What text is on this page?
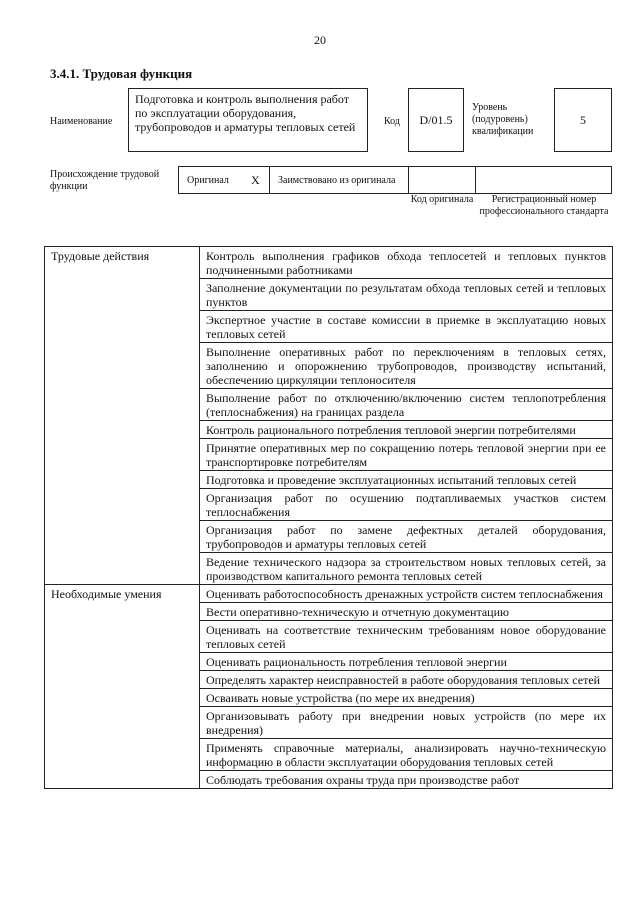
20
3.4.1. Трудовая функция
Наименование
Подготовка и контроль выполнения работ по эксплуатации оборудования, трубопроводов и арматуры тепловых сетей	Код	D/01.5
Уровень (подуровень) квалификации
5
Происхождение трудовой функции
Оригинал X Заимствовано из оригинала
Код оригинала	Регистрационный номер профессионального стандарта
Трудовые действия	Контроль выполнения графиков обхода теплосетей и тепловых пунктов подчиненными работниками
	Заполнение документации по результатам обхода тепловых сетей и тепловых пунктов
	Экспертное участие в составе комиссии в приемке в эксплуатацию новых тепловых сетей
	Выполнение оперативных работ по переключениям в тепловых сетях, заполнению и опорожнению трубопроводов, производству испытаний, обеспечению циркуляции теплоносителя
	Выполнение работ по отключению/включению систем теплопотребления (теплоснабжения) на границах раздела
	Контроль рационального потребления тепловой энергии потребителями
	Принятие оперативных мер по сокращению потерь тепловой энергии при ее транспортировке потребителям
	Подготовка и проведение эксплуатационных испытаний тепловых сетей
	Организация работ по осушению подтапливаемых участков систем теплоснабжения
	Организация работ по замене дефектных деталей оборудования, трубопроводов и арматуры тепловых сетей
	Ведение технического надзора за строительством новых тепловых сетей, за производством капитального ремонта тепловых сетей
Необходимые умения	Оценивать работоспособность дренажных устройств систем теплоснабжения
	Вести оперативно-техническую и отчетную документацию
	Оценивать на соответствие техническим требованиям новое оборудование тепловых сетей
	Оценивать рациональность потребления тепловой энергии
	Определять характер неисправностей в работе оборудования тепловых сетей
	Осваивать новые устройства (по мере их внедрения)
	Организовывать работу при внедрении новых устройств (по мере их внедрения)
	Применять справочные материалы, анализировать научно-техническую информацию в области эксплуатации оборудования тепловых сетей
	Соблюдать требования охраны труда при производстве работ
